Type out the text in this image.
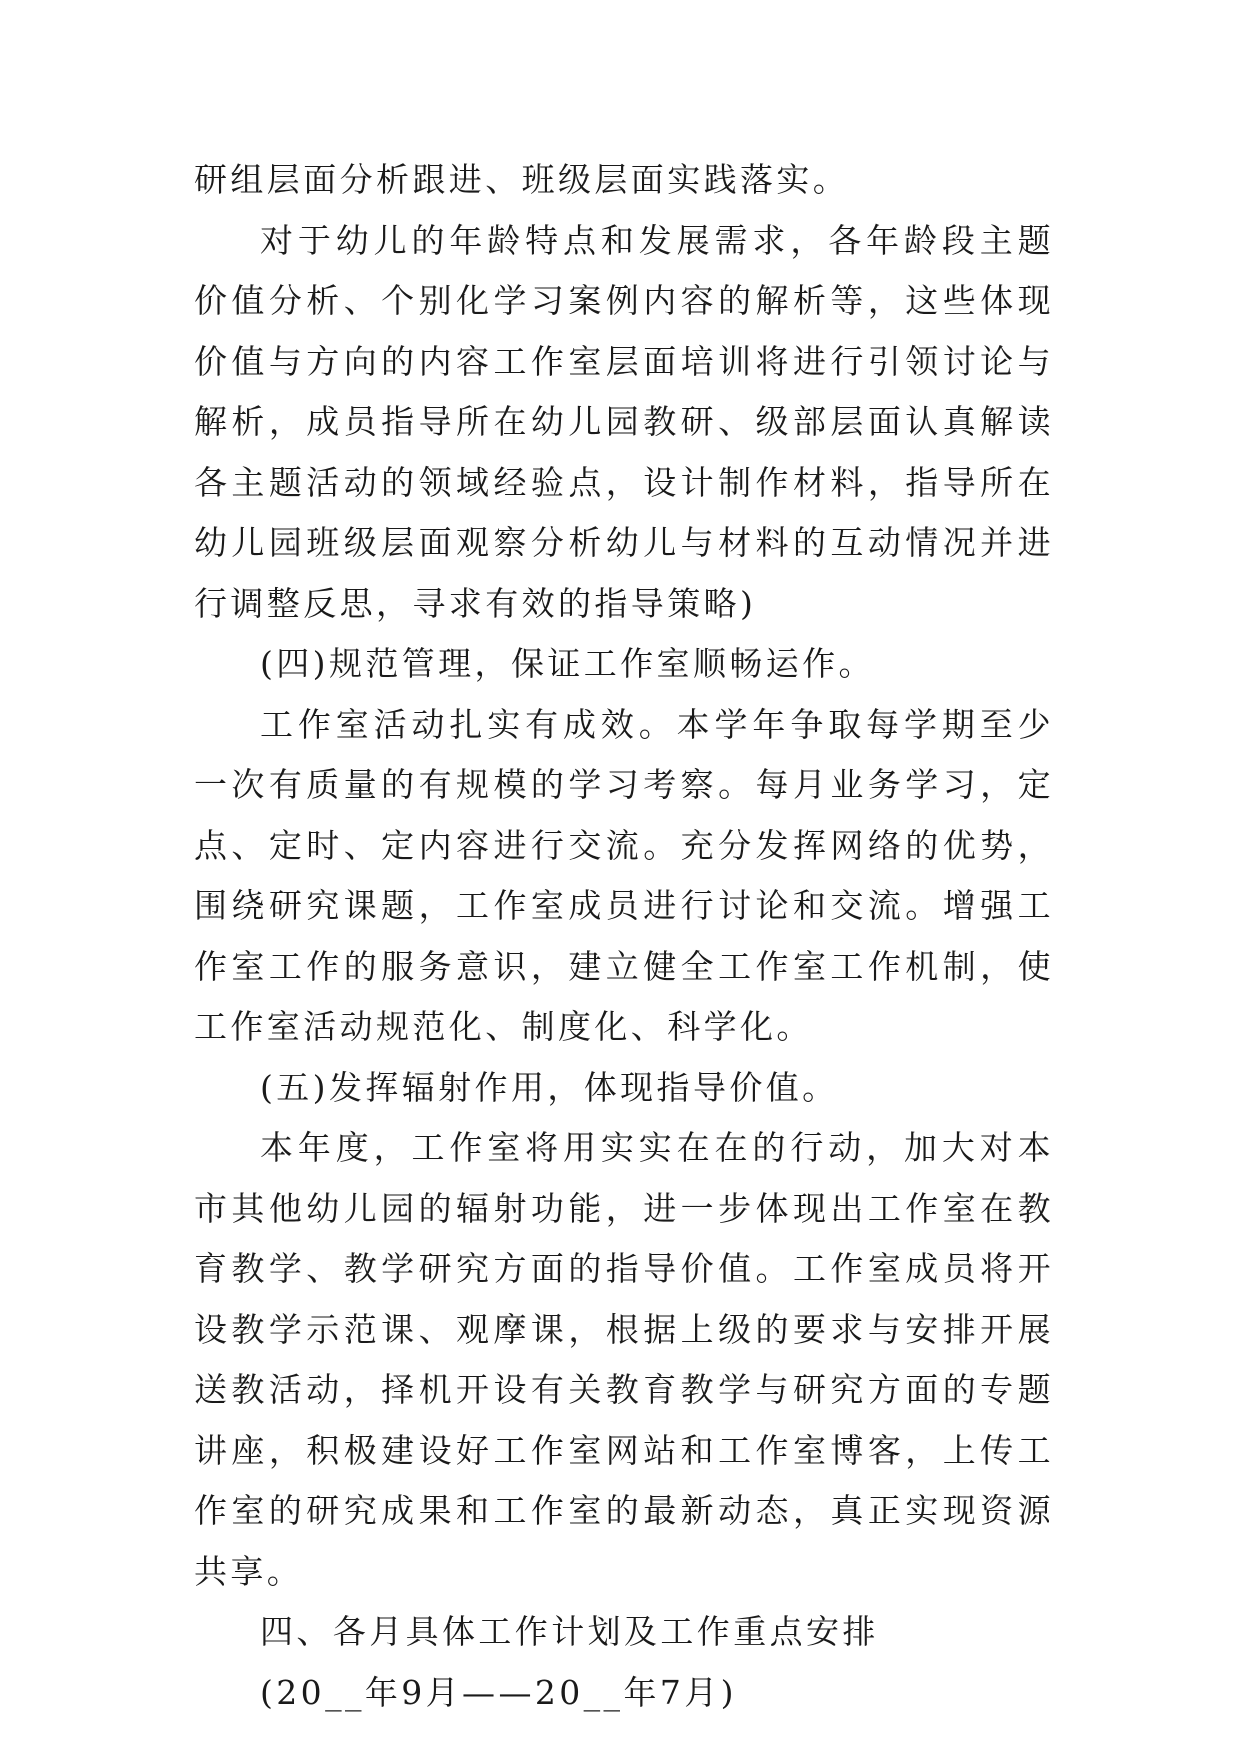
研组层面分析跟进、班级层面实践落实。

对于幼儿的年龄特点和发展需求，各年龄段主题价值分析、个别化学习案例内容的解析等，这些体现价值与方向的内容工作室层面培训将进行引领讨论与解析，成员指导所在幼儿园教研、级部层面认真解读各主题活动的领域经验点，设计制作材料，指导所在幼儿园班级层面观察分析幼儿与材料的互动情况并进行调整反思，寻求有效的指导策略)

(四)规范管理，保证工作室顺畅运作。

工作室活动扎实有成效。本学年争取每学期至少一次有质量的有规模的学习考察。每月业务学习，定点、定时、定内容进行交流。充分发挥网络的优势，围绕研究课题，工作室成员进行讨论和交流。增强工作室工作的服务意识，建立健全工作室工作机制，使工作室活动规范化、制度化、科学化。

(五)发挥辐射作用，体现指导价值。

本年度，工作室将用实实在在的行动，加大对本市其他幼儿园的辐射功能，进一步体现出工作室在教育教学、教学研究方面的指导价值。工作室成员将开设教学示范课、观摩课，根据上级的要求与安排开展送教活动，择机开设有关教育教学与研究方面的专题讲座，积极建设好工作室网站和工作室博客，上传工作室的研究成果和工作室的最新动态，真正实现资源共享。

四、各月具体工作计划及工作重点安排

(20__年9月——20__年7月)
